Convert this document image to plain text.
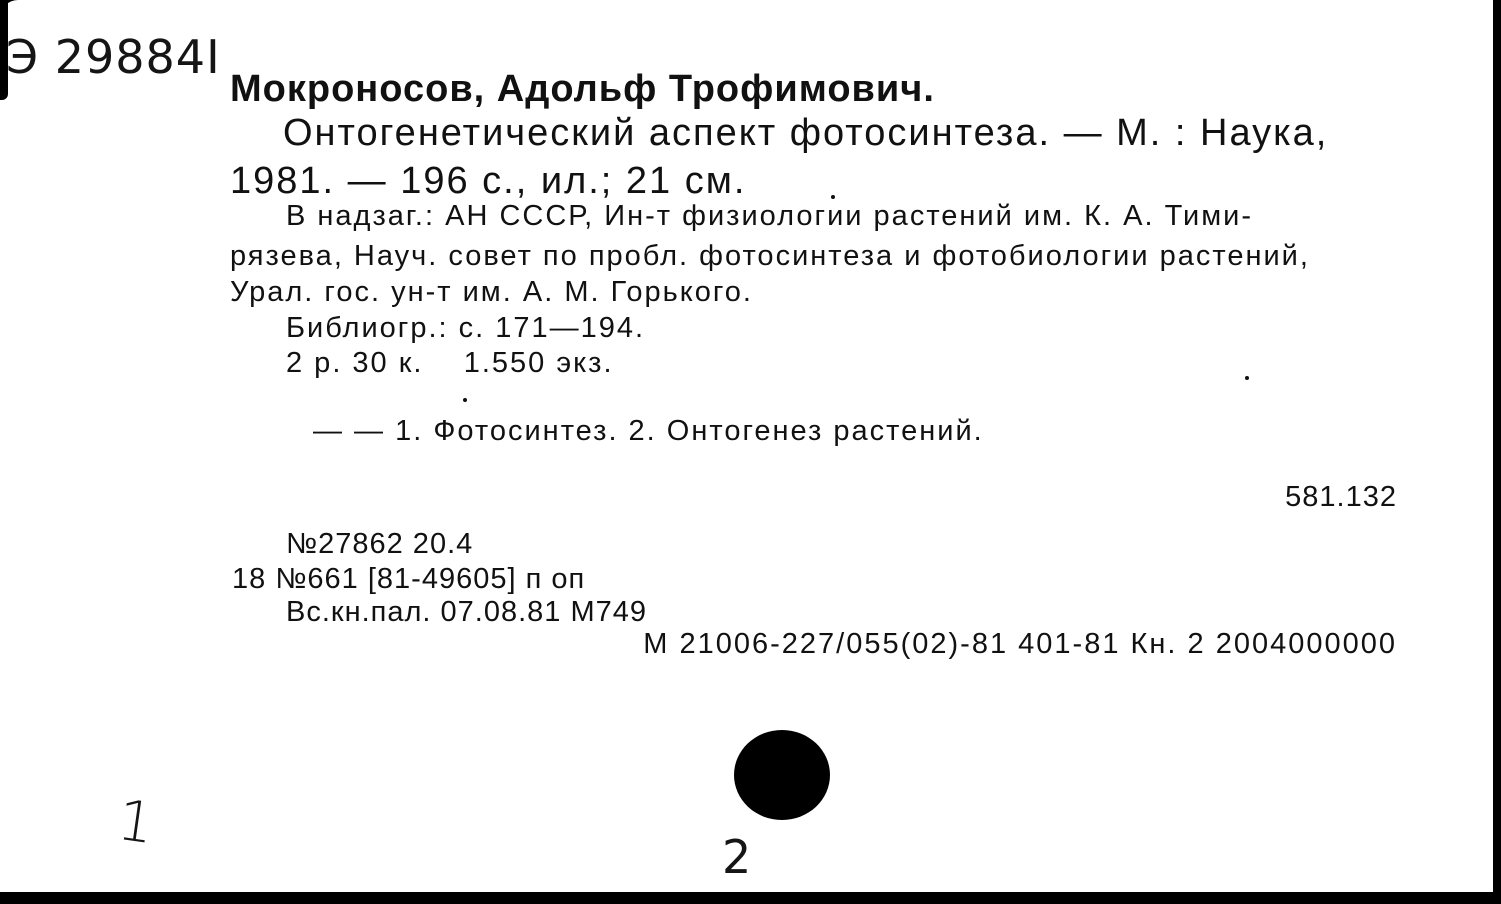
Э 29884I
Мокроносов, Адольф Трофимович.
Онтогенетический аспект фотосинтеза. — М. : Наука,
1981. — 196 с., ил.; 21 см.
В надзаг.: АН СССР, Ин-т физиологии растений им. К. А. Тими-
рязева, Науч. совет по пробл. фотосинтеза и фотобиологии растений,
Урал. гос. ун-т им. А. М. Горького.
Библиогр.: с. 171—194.
2 р. 30 к.    1.550 экз.
— — 1. Фотосинтез. 2. Онтогенез растений.
581.132
№27862 20.4
18 №661 [81-49605] п оп
Вс.кн.пал. 07.08.81 М749
М 21006-227/055(02)-81 401-81 Кн. 2 2004000000
1	2
